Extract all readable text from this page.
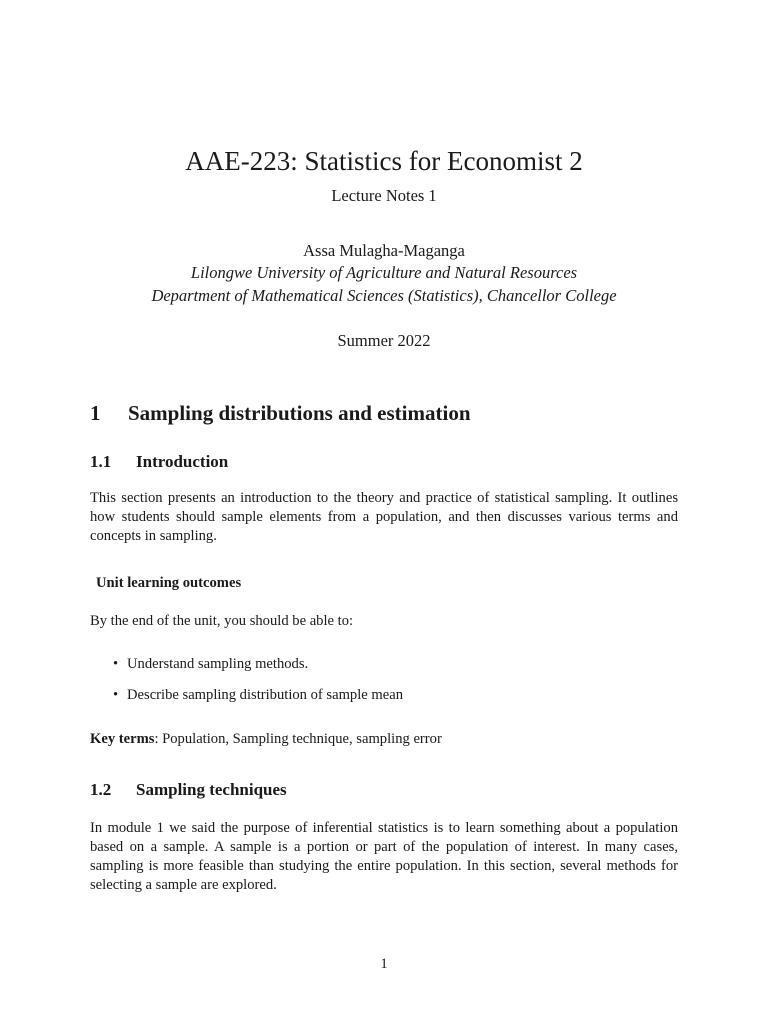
AAE-223: Statistics for Economist 2
Lecture Notes 1
Assa Mulagha-Maganga
Lilongwe University of Agriculture and Natural Resources
Department of Mathematical Sciences (Statistics), Chancellor College
Summer 2022
1 Sampling distributions and estimation
1.1 Introduction

This section presents an introduction to the theory and practice of statistical sampling. It outlines how students should sample elements from a population, and then discusses various terms and concepts in sampling.

Unit learning outcomes

By the end of the unit, you should be able to:

• Understand sampling methods.
• Describe sampling distribution of sample mean

Key terms: Population, Sampling technique, sampling error

1.2 Sampling techniques

In module 1 we said the purpose of inferential statistics is to learn something about a population based on a sample. A sample is a portion or part of the population of interest. In many cases, sampling is more feasible than studying the entire population. In this section, several methods for selecting a sample are explored.

1
